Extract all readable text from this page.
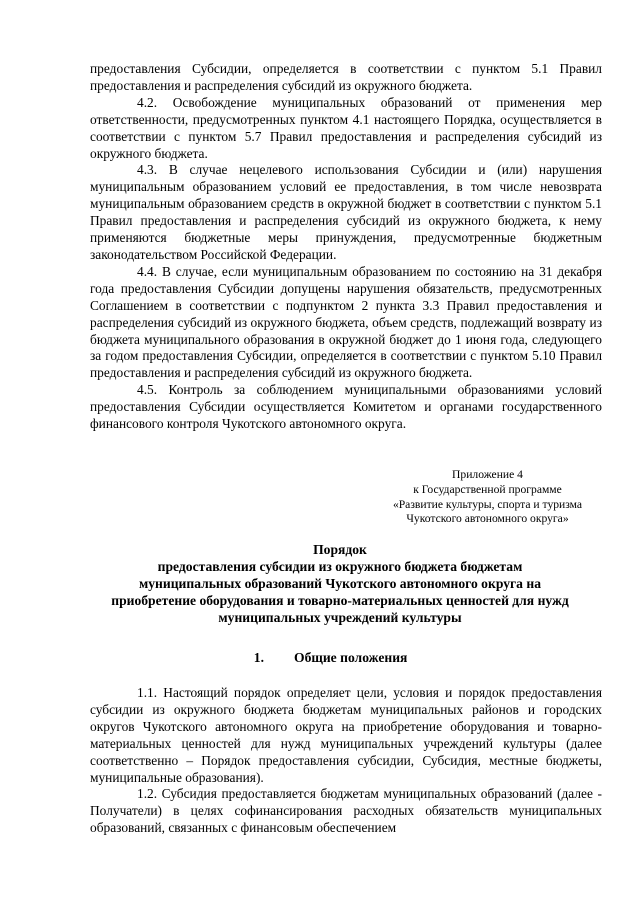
предоставления Субсидии, определяется в соответствии с пунктом 5.1 Правил предоставления и распределения субсидий из окружного бюджета.

4.2. Освобождение муниципальных образований от применения мер ответственности, предусмотренных пунктом 4.1 настоящего Порядка, осуществляется в соответствии с пунктом 5.7 Правил предоставления и распределения субсидий из окружного бюджета.

4.3. В случае нецелевого использования Субсидии и (или) нарушения муниципальным образованием условий ее предоставления, в том числе невозврата муниципальным образованием средств в окружной бюджет в соответствии с пунктом 5.1 Правил предоставления и распределения субсидий из окружного бюджета, к нему применяются бюджетные меры принуждения, предусмотренные бюджетным законодательством Российской Федерации.

4.4. В случае, если муниципальным образованием по состоянию на 31 декабря года предоставления Субсидии допущены нарушения обязательств, предусмотренных Соглашением в соответствии с подпунктом 2 пункта 3.3 Правил предоставления и распределения субсидий из окружного бюджета, объем средств, подлежащий возврату из бюджета муниципального образования в окружной бюджет до 1 июня года, следующего за годом предоставления Субсидии, определяется в соответствии с пунктом 5.10 Правил предоставления и распределения субсидий из окружного бюджета.

4.5. Контроль за соблюдением муниципальными образованиями условий предоставления Субсидии осуществляется Комитетом и органами государственного финансового контроля Чукотского автономного округа.

Приложение 4
к Государственной программе
«Развитие культуры, спорта и туризма
Чукотского автономного округа»
Порядок
предоставления субсидии из окружного бюджета бюджетам
муниципальных образований Чукотского автономного округа на
приобретение оборудования и товарно-материальных ценностей для нужд
муниципальных учреждений культуры
1. Общие положения

1.1. Настоящий порядок определяет цели, условия и порядок предоставления субсидии из окружного бюджета бюджетам муниципальных районов и городских округов Чукотского автономного округа на приобретение оборудования и товарно-материальных ценностей для нужд муниципальных учреждений культуры (далее соответственно – Порядок предоставления субсидии, Субсидия, местные бюджеты, муниципальные образования).

1.2. Субсидия предоставляется бюджетам муниципальных образований (далее - Получатели) в целях софинансирования расходных обязательств муниципальных образований, связанных с финансовым обеспечением
